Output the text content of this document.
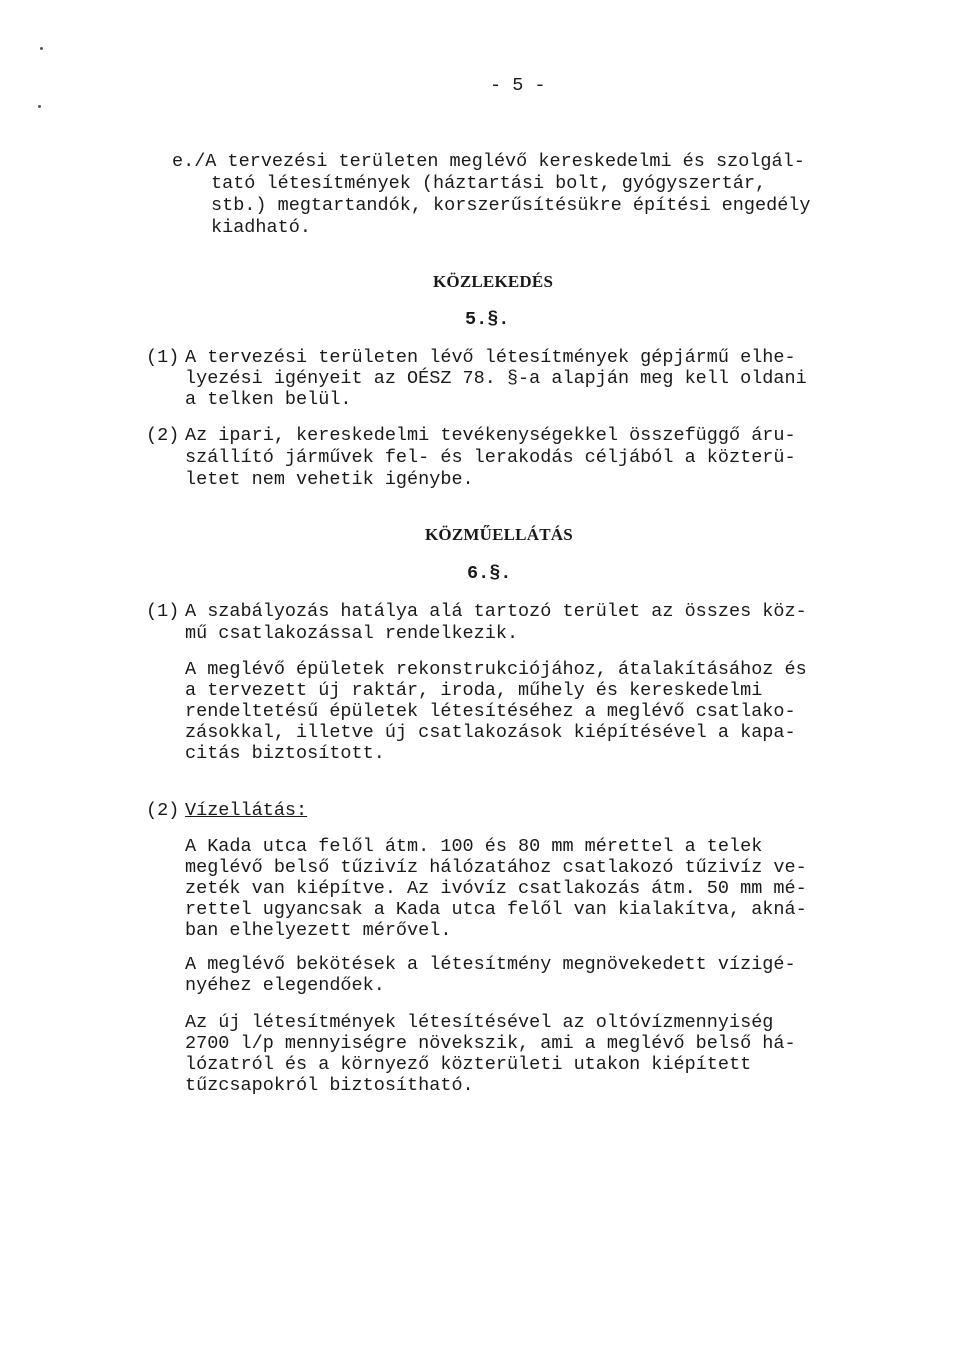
- 5 -
e./A tervezési területen meglévő kereskedelmi és szolgál-
tató létesítmények (háztartási bolt, gyógyszertár,
stb.) megtartandók, korszerűsítésükre építési engedély
kiadható.
KÖZLEKEDÉS
5.§.
(1) A tervezési területen lévő létesítmények gépjármű elhe-
lyezési igényeit az OÉSZ 78. §-a alapján meg kell oldani
a telken belül.
(2) Az ipari, kereskedelmi tevékenységekkel összefüggő áru-
szállító járművek fel- és lerakodás céljából a közterü-
letet nem vehetik igénybe.
KÖZMŰELLÁTÁS
6.§.
(1) A szabályozás hatálya alá tartozó terület az összes köz-
mű csatlakozással rendelkezik.
A meglévő épületek rekonstrukciójához, átalakításához és
a tervezett új raktár, iroda, műhely és kereskedelmi
rendeltetésű épületek létesítéséhez a meglévő csatlako-
zásokkal, illetve új csatlakozások kiépítésével a kapa-
citás biztosított.
(2) Vízellátás:
A Kada utca felől átm. 100 és 80 mm mérettel a telek
meglévő belső tűzivíz hálózatához csatlakozó tűzivíz ve-
zeték van kiépítve. Az ivóvíz csatlakozás átm. 50 mm mé-
rettel ugyancsak a Kada utca felől van kialakítva, akná-
ban elhelyezett mérővel.
A meglévő bekötések a létesítmény megnövekedett vízigé-
nyéhez elegendőek.
Az új létesítmények létesítésével az oltóvízmennyiség
2700 l/p mennyiségre növekszik, ami a meglévő belső há-
lózatról és a környező közterületi utakon kiépített
tűzcsapokról biztosítható.
